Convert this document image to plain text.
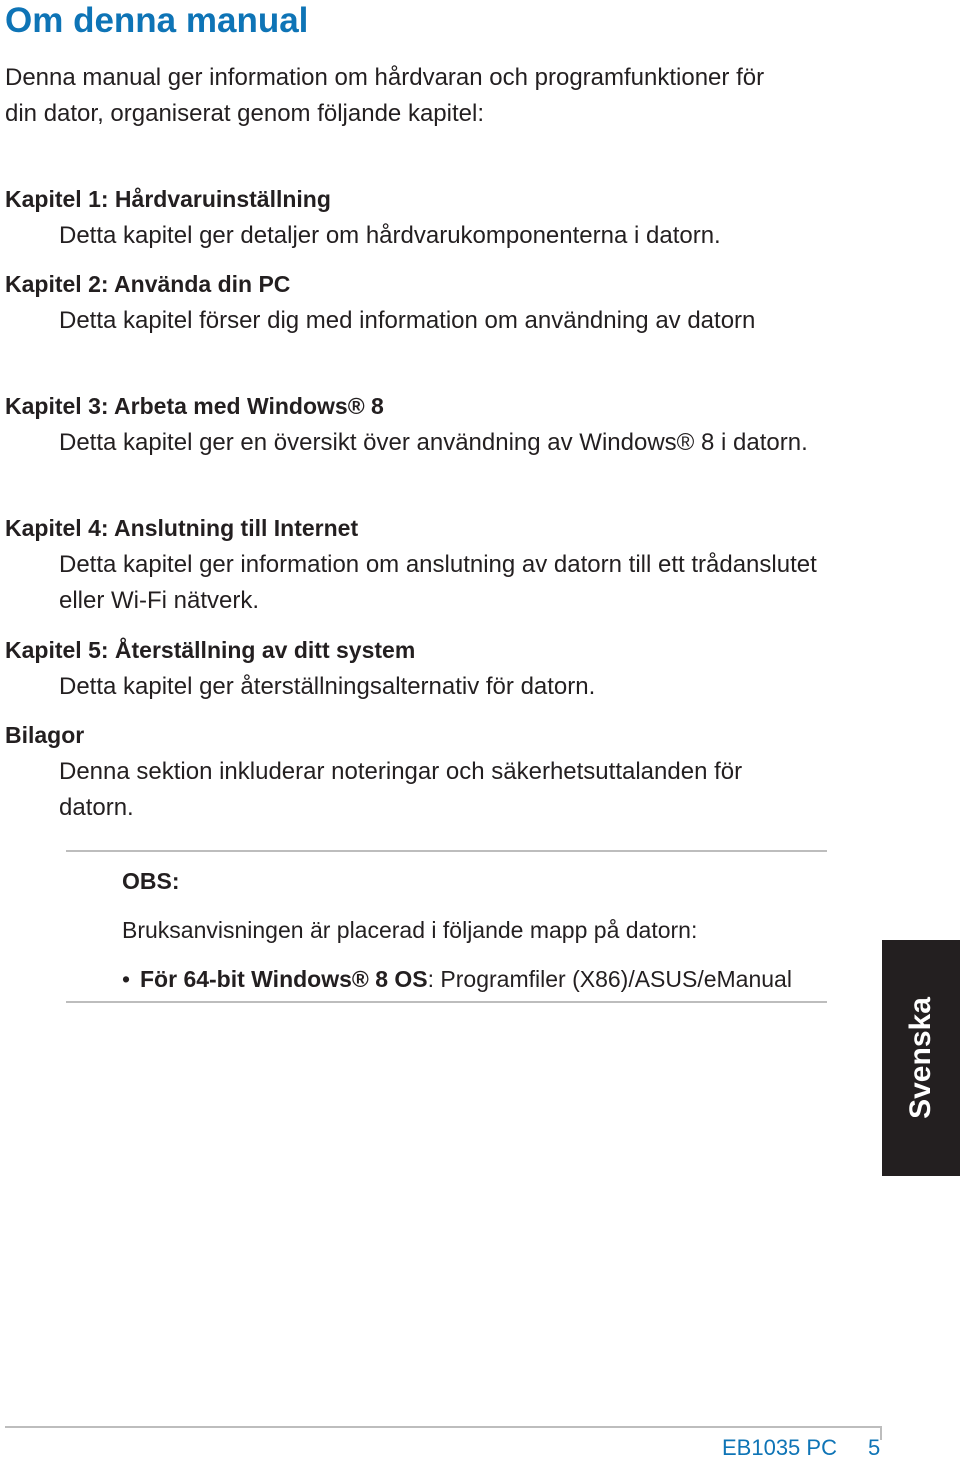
Om denna manual

Denna manual ger information om hårdvaran och programfunktioner för din dator, organiserat genom följande kapitel:

Kapitel 1: Hårdvaruinställning

Detta kapitel ger detaljer om hårdvarukomponenterna i datorn.

Kapitel 2: Använda din PC

Detta kapitel förser dig med information om användning av datorn

Kapitel 3: Arbeta med Windows® 8

Detta kapitel ger en översikt över användning av Windows® 8 i datorn.

Kapitel 4: Anslutning till Internet

Detta kapitel ger information om anslutning av datorn till ett trådanslutet eller Wi-Fi nätverk.

Kapitel 5: Återställning av ditt system

Detta kapitel ger återställningsalternativ för datorn.

Bilagor

Denna sektion inkluderar noteringar och säkerhetsuttalanden för datorn.

OBS:

Bruksanvisningen är placerad i följande mapp på datorn:

• För 64-bit Windows® 8 OS: Programfiler (X86)/ASUS/eManual

Svenska
EB1035 PC 5
